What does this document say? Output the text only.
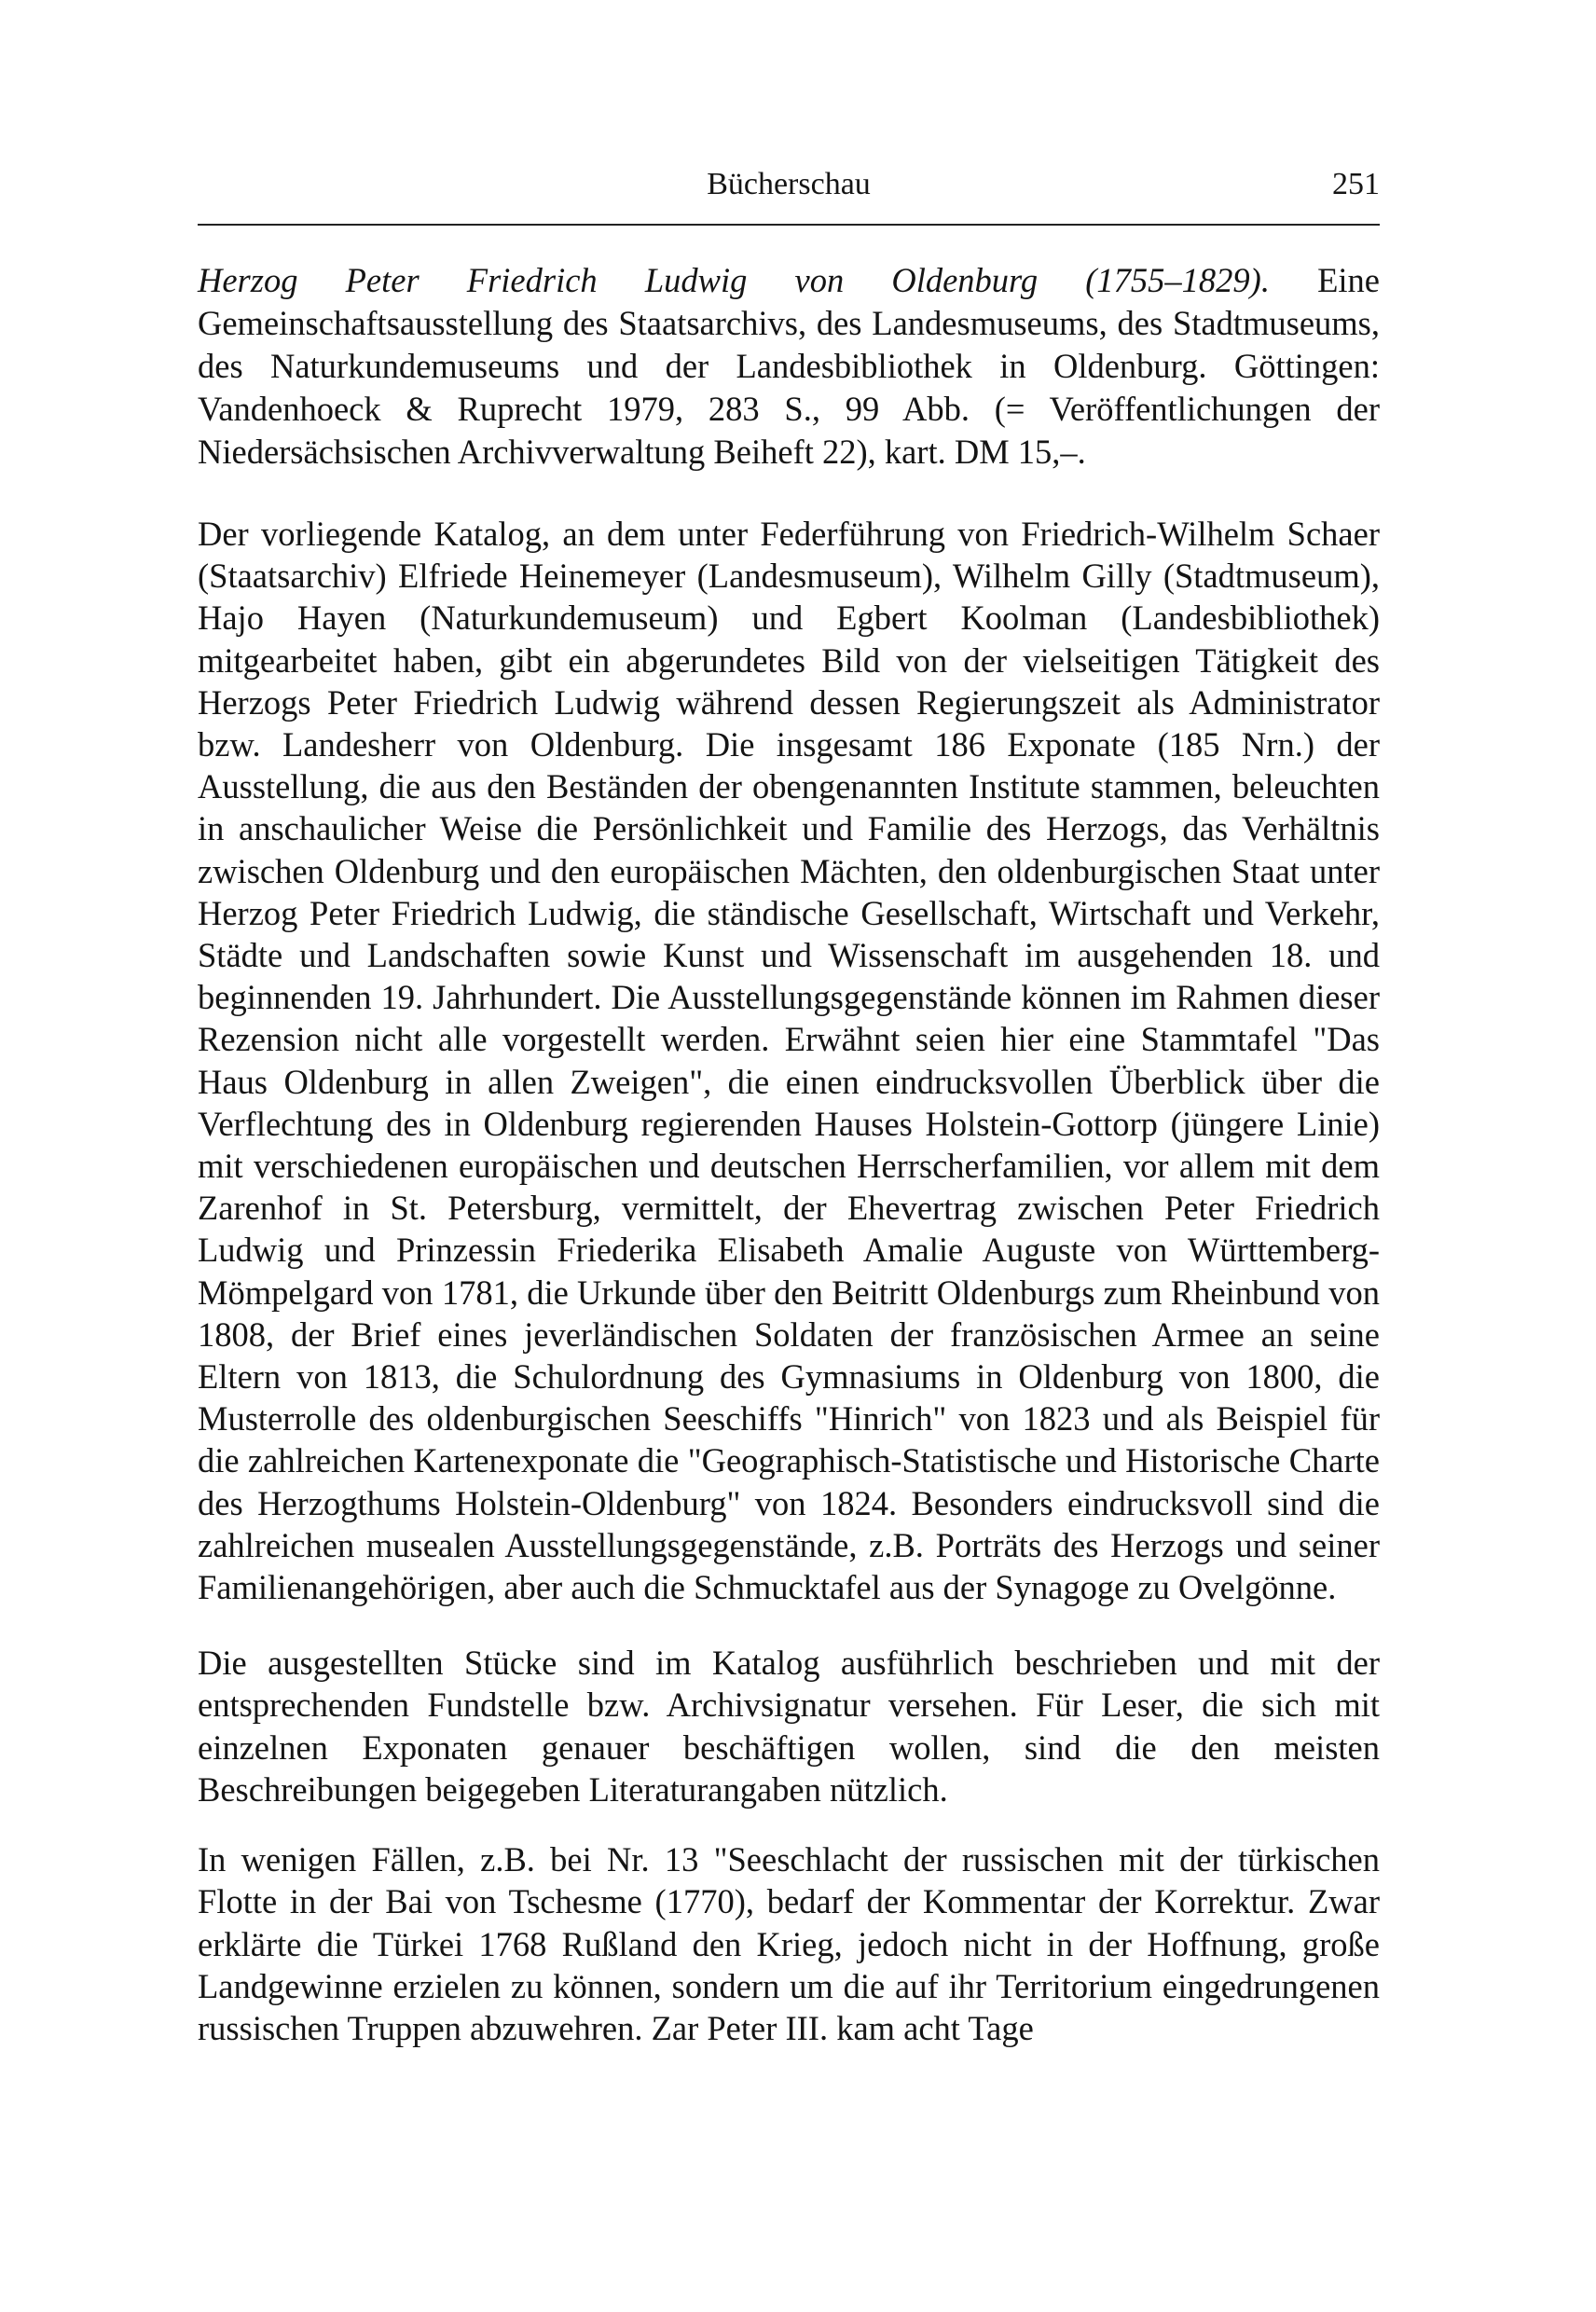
Bücherschau	251

Herzog Peter Friedrich Ludwig von Oldenburg (1755–1829). Eine Gemeinschaftsausstellung des Staatsarchivs, des Landesmuseums, des Stadtmuseums, des Naturkundemuseums und der Landesbibliothek in Oldenburg. Göttingen: Vandenhoeck & Ruprecht 1979, 283 S., 99 Abb. (= Veröffentlichungen der Niedersächsischen Archivverwaltung Beiheft 22), kart. DM 15,–.

Der vorliegende Katalog, an dem unter Federführung von Friedrich-Wilhelm Schaer (Staatsarchiv) Elfriede Heinemeyer (Landesmuseum), Wilhelm Gilly (Stadtmuseum), Hajo Hayen (Naturkundemuseum) und Egbert Koolman (Landesbibliothek) mitgearbeitet haben, gibt ein abgerundetes Bild von der vielseitigen Tätigkeit des Herzogs Peter Friedrich Ludwig während dessen Regierungszeit als Administrator bzw. Landesherr von Oldenburg. Die insgesamt 186 Exponate (185 Nrn.) der Ausstellung, die aus den Beständen der obengenannten Institute stammen, beleuchten in anschaulicher Weise die Persönlichkeit und Familie des Herzogs, das Verhältnis zwischen Oldenburg und den europäischen Mächten, den oldenburgischen Staat unter Herzog Peter Friedrich Ludwig, die ständische Gesellschaft, Wirtschaft und Verkehr, Städte und Landschaften sowie Kunst und Wissenschaft im ausgehenden 18. und beginnenden 19. Jahrhundert. Die Ausstellungsgegenstände können im Rahmen dieser Rezension nicht alle vorgestellt werden. Erwähnt seien hier eine Stammtafel "Das Haus Oldenburg in allen Zweigen", die einen eindrucksvollen Überblick über die Verflechtung des in Oldenburg regierenden Hauses Holstein-Gottorp (jüngere Linie) mit verschiedenen europäischen und deutschen Herrscherfamilien, vor allem mit dem Zarenhof in St. Petersburg, vermittelt, der Ehevertrag zwischen Peter Friedrich Ludwig und Prinzessin Friederika Elisabeth Amalie Auguste von Württemberg-Mömpelgard von 1781, die Urkunde über den Beitritt Oldenburgs zum Rheinbund von 1808, der Brief eines jeverländischen Soldaten der französischen Armee an seine Eltern von 1813, die Schulordnung des Gymnasiums in Oldenburg von 1800, die Musterrolle des oldenburgischen Seeschiffs "Hinrich" von 1823 und als Beispiel für die zahlreichen Kartenexponate die "Geographisch-Statistische und Historische Charte des Herzogthums Holstein-Oldenburg" von 1824. Besonders eindrucksvoll sind die zahlreichen musealen Ausstellungsgegenstände, z.B. Porträts des Herzogs und seiner Familienangehörigen, aber auch die Schmucktafel aus der Synagoge zu Ovelgönne.

Die ausgestellten Stücke sind im Katalog ausführlich beschrieben und mit der entsprechenden Fundstelle bzw. Archivsignatur versehen. Für Leser, die sich mit einzelnen Exponaten genauer beschäftigen wollen, sind die den meisten Beschreibungen beigegeben Literaturangaben nützlich.

In wenigen Fällen, z.B. bei Nr. 13 "Seeschlacht der russischen mit der türkischen Flotte in der Bai von Tschesme (1770), bedarf der Kommentar der Korrektur. Zwar erklärte die Türkei 1768 Rußland den Krieg, jedoch nicht in der Hoffnung, große Landgewinne erzielen zu können, sondern um die auf ihr Territorium eingedrungenen russischen Truppen abzuwehren. Zar Peter III. kam acht Tage
